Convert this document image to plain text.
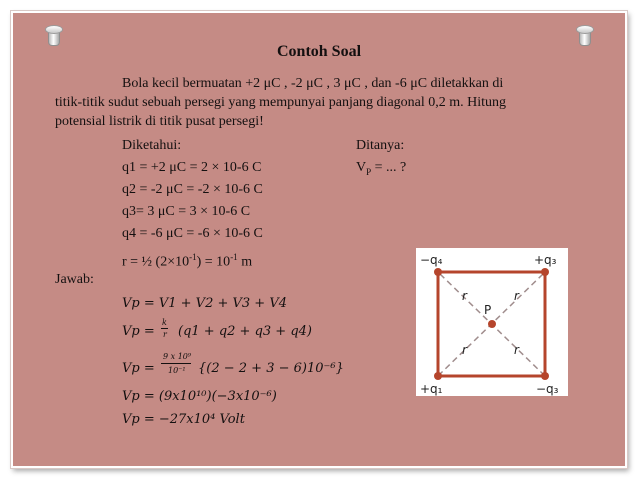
Contoh Soal
Bola kecil bermuatan +2 μC , -2 μC , 3 μC , dan -6 μC diletakkan di
titik-titik sudut sebuah persegi yang mempunyai panjang diagonal 0,2 m. Hitung
potensial listrik di titik pusat persegi!
Diketahui:	Ditanya:
$V_P$ = ... ?
q1 = +2 μC = 2 × 10-6 C
q2 = -2 μC = -2 × 10-6 C
q3= 3 μC = 3 × 10-6 C
q4 = -6 μC = -6 × 10-6 C
r = ½ $(2\times 10^{-1}) = 10^{-1}$ m
Jawab:
Vp = V1 + V2 + V3 + V4
Vp =
k
r (q1 + q2 + q3 + q4)
Vp =
9 x 10⁹
10⁻¹ {(2 − 2 + 3 − 6)10⁻⁶}
Vp = (9x10¹⁰)(−3x10⁻⁶)
Vp = −27x10⁴ Volt
−q₄	+q₃
+q₁	−q₃
P
r	r
r	r
